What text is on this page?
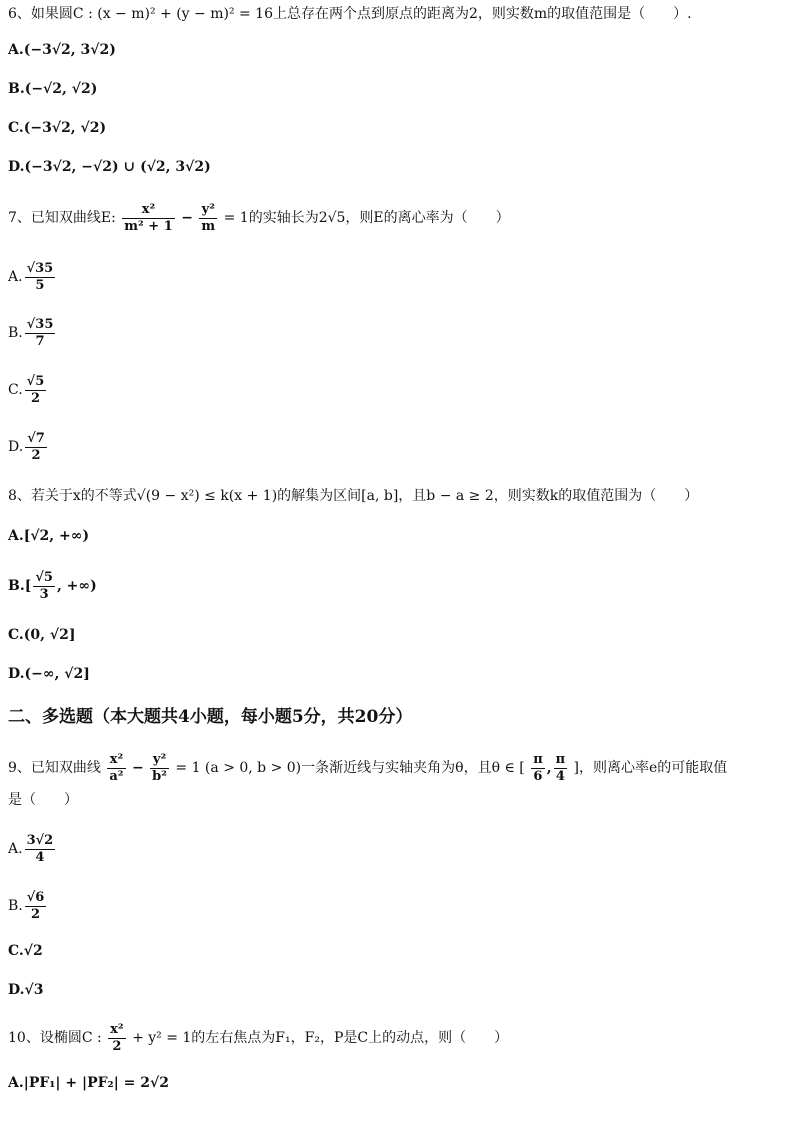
6、如果圆C : (x − m)² + (y − m)² = 16上总存在两个点到原点的距离为2，则实数m的取值范围是（　　）.
A.(−3√2, 3√2)
B.(−√2, √2)
C.(−3√2, √2)
D.(−3√2, −√2) ∪ (√2, 3√2)
7、已知双曲线E: $\frac{\text{x²}}{\text{m² + 1}} - \frac{\text{y²}}{m} = 1$的实轴长为2√5，则E的离心率为（　　）
A. $\frac{√35}{5}$
B. $\frac{√35}{7}$
C. $\frac{√5}{2}$
D. $\frac{√7}{2}$
8、若关于x的不等式√(9 − x²) ≤ k(x + 1)的解集为区间[a, b]，且b − a ≥ 2，则实数k的取值范围为（　　）
A.[√2, +∞)
$B.[ \frac{√5}{3}$ , +∞)
C.(0, √2]
D.(−∞, √2]
二、多选题（本大题共4小题，每小题5分，共20分）
9、已知双曲线 $\frac{\text{x²}}{\text{a²}} - \frac{\text{y²}}{\text{b²}} = 1$ (a > 0, b > 0)一条渐近线与实轴夹角为θ，且θ ∈ [ $\frac{\pi}{6}$ , $\frac{\pi}{4}$ ]，则离心率e的可能取值
是（　　）
A. $\frac{3√2}{4}$
B. $\frac{√6}{2}$
C.√2
D.√3
10、设椭圆C : $\frac{\text{x²}}{2} + y^2 = 1$的左右焦点为F₁，F₂，P是C上的动点，则（　　）
A.|PF₁| + |PF₂| = 2√2
